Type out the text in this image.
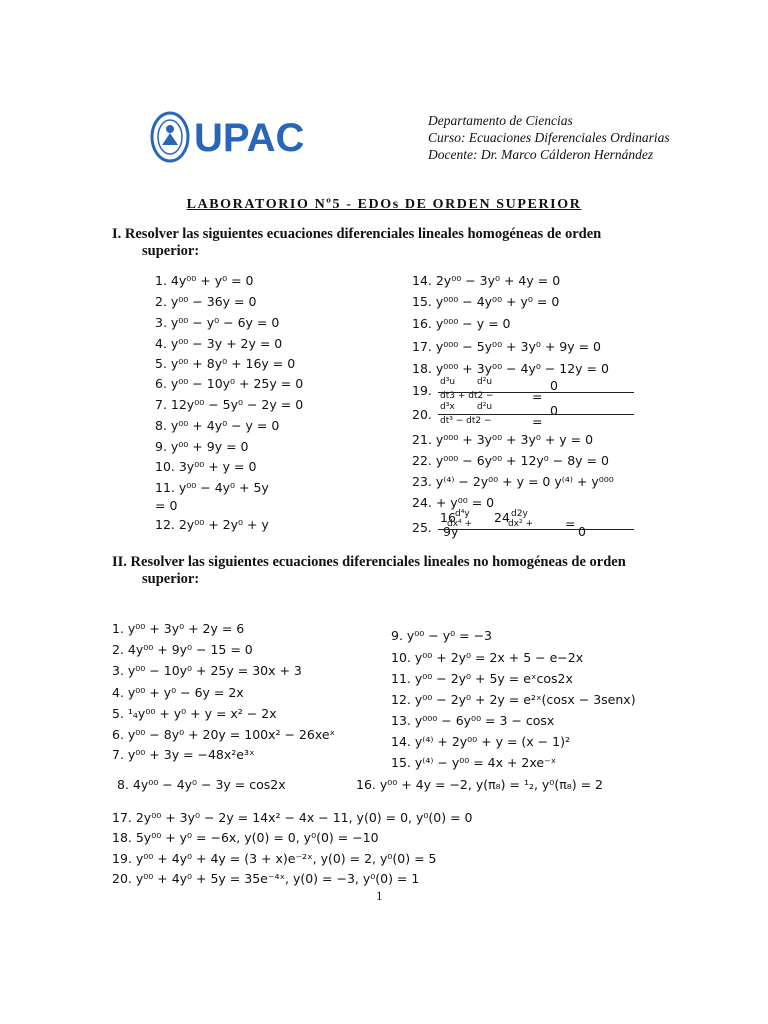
UPAC	Departamento de Ciencias
Curso: Ecuaciones Diferenciales Ordinarias
Docente: Dr. Marco Cálderon Hernández
LABORATORIO Nº5 - EDOs DE ORDEN SUPERIOR
I. Resolver las siguientes ecuaciones diferenciales lineales homogéneas de orden
superior:
1. 4y⁰⁰ + y⁰ = 0
2. y⁰⁰ − 36y = 0
3. y⁰⁰ − y⁰ − 6y = 0
4. y⁰⁰ − 3y + 2y = 0
5. y⁰⁰ + 8y⁰ + 16y = 0
6. y⁰⁰ − 10y⁰ + 25y = 0
7. 12y⁰⁰ − 5y⁰ − 2y = 0
8. y⁰⁰ + 4y⁰ − y = 0
9. y⁰⁰ + 9y = 0
10. 3y⁰⁰ + y = 0
11. y⁰⁰ − 4y⁰ + 5y
= 0
12. 2y⁰⁰ + 2y⁰ + y
14. 2y⁰⁰ − 3y⁰ + 4y = 0
15. y⁰⁰⁰ − 4y⁰⁰ + y⁰ = 0
16. y⁰⁰⁰ − y = 0
17. y⁰⁰⁰ − 5y⁰⁰ + 3y⁰ + 9y = 0
18. y⁰⁰⁰ + 3y⁰⁰ − 4y⁰ − 12y = 0
19.
d³u d²u
dt3 + dt2 −	=
0
20. d³x d²u
dt³ − dt2 −	=
0
21. y⁰⁰⁰ + 3y⁰⁰ + 3y⁰ + y = 0
22. y⁰⁰⁰ − 6y⁰⁰ + 12y⁰ − 8y = 0
23. y⁽⁴⁾ − 2y⁰⁰ + y = 0 y⁽⁴⁾ + y⁰⁰⁰
24. + y⁰⁰ = 0
25.
16 d⁴y 24 d2y
dx⁴ +	dx² +
9y
=
0
II. Resolver las siguientes ecuaciones diferenciales lineales no homogéneas de orden
superior:
1. y⁰⁰ + 3y⁰ + 2y = 6
2. 4y⁰⁰ + 9y⁰ − 15 = 0
3. y⁰⁰ − 10y⁰ + 25y = 30x + 3
4. y⁰⁰ + y⁰ − 6y = 2x
5. ¹₄y⁰⁰ + y⁰ + y = x² − 2x
6. y⁰⁰ − 8y⁰ + 20y = 100x² − 26xeˣ
7. y⁰⁰ + 3y = −48x²e³ˣ
9. y⁰⁰ − y⁰ = −3
10. y⁰⁰ + 2y⁰ = 2x + 5 − e−2x
11. y⁰⁰ − 2y⁰ + 5y = eˣcos2x
12. y⁰⁰ − 2y⁰ + 2y = e²ˣ(cosx − 3senx)
13. y⁰⁰⁰ − 6y⁰⁰ = 3 − cosx
14. y⁽⁴⁾ + 2y⁰⁰ + y = (x − 1)²
15. y⁽⁴⁾ − y⁰⁰ = 4x + 2xe⁻ˣ
8. 4y⁰⁰ − 4y⁰ − 3y = cos2x	16. y⁰⁰ + 4y = −2, y(π₈) = ¹₂, y⁰(π₈) = 2
17. 2y⁰⁰ + 3y⁰ − 2y = 14x² − 4x − 11, y(0) = 0, y⁰(0) = 0
18. 5y⁰⁰ + y⁰ = −6x, y(0) = 0, y⁰(0) = −10
19. y⁰⁰ + 4y⁰ + 4y = (3 + x)e⁻²ˣ, y(0) = 2, y⁰(0) = 5
20. y⁰⁰ + 4y⁰ + 5y = 35e⁻⁴ˣ, y(0) = −3, y⁰(0) = 1
1
